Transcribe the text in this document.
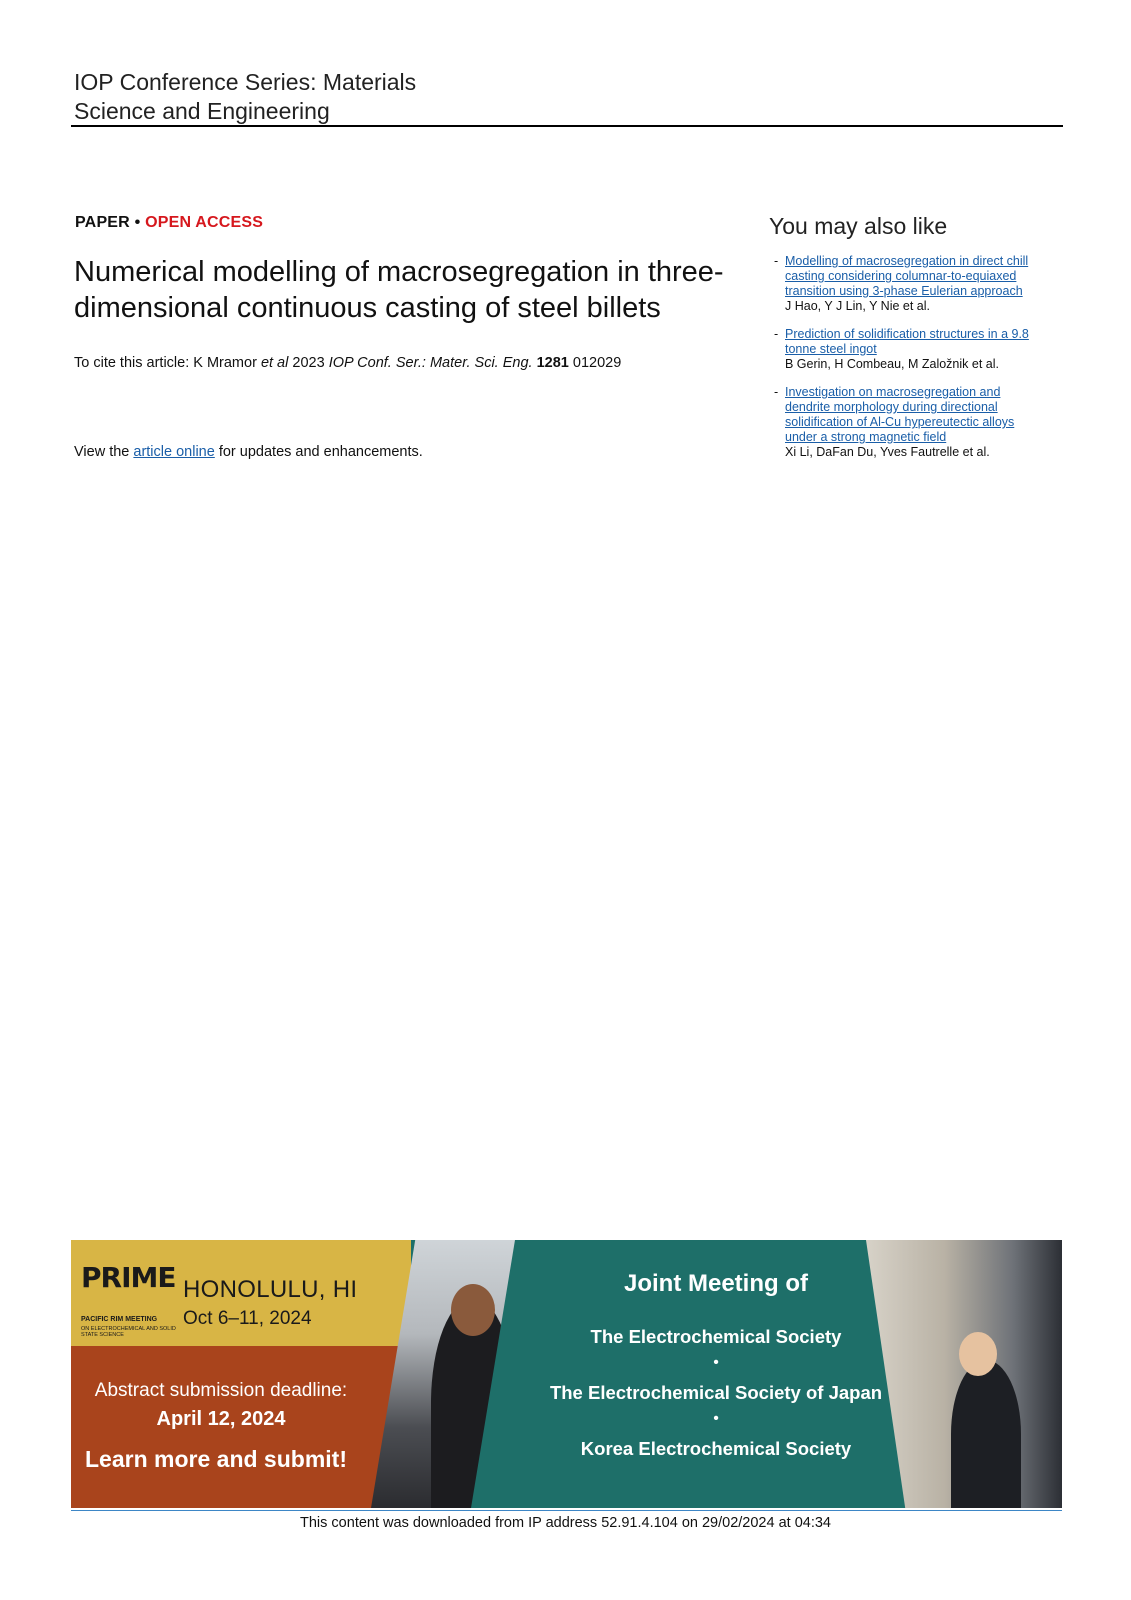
IOP Conference Series: Materials
Science and Engineering
PAPER • OPEN ACCESS
Numerical modelling of macrosegregation in three-dimensional continuous casting of steel billets
To cite this article: K Mramor et al 2023 IOP Conf. Ser.: Mater. Sci. Eng. 1281 012029
View the article online for updates and enhancements.
You may also like
- Modelling of macrosegregation in direct chill casting considering columnar-to-equiaxed transition using 3-phase Eulerian approach
J Hao, Y J Lin, Y Nie et al.
- Prediction of solidification structures in a 9.8 tonne steel ingot
B Gerin, H Combeau, M Založnik et al.
- Investigation on macrosegregation and dendrite morphology during directional solidification of Al-Cu hypereutectic alloys under a strong magnetic field
Xi Li, DaFan Du, Yves Fautrelle et al.
PRIME
PACIFIC RIM MEETING
ON ELECTROCHEMICAL AND SOLID STATE SCIENCE
HONOLULU, HI
Oct 6–11, 2024
Abstract submission deadline:
April 12, 2024
Learn more and submit!
Joint Meeting of
The Electrochemical Society
•
The Electrochemical Society of Japan
•
Korea Electrochemical Society
This content was downloaded from IP address 52.91.4.104 on 29/02/2024 at 04:34
